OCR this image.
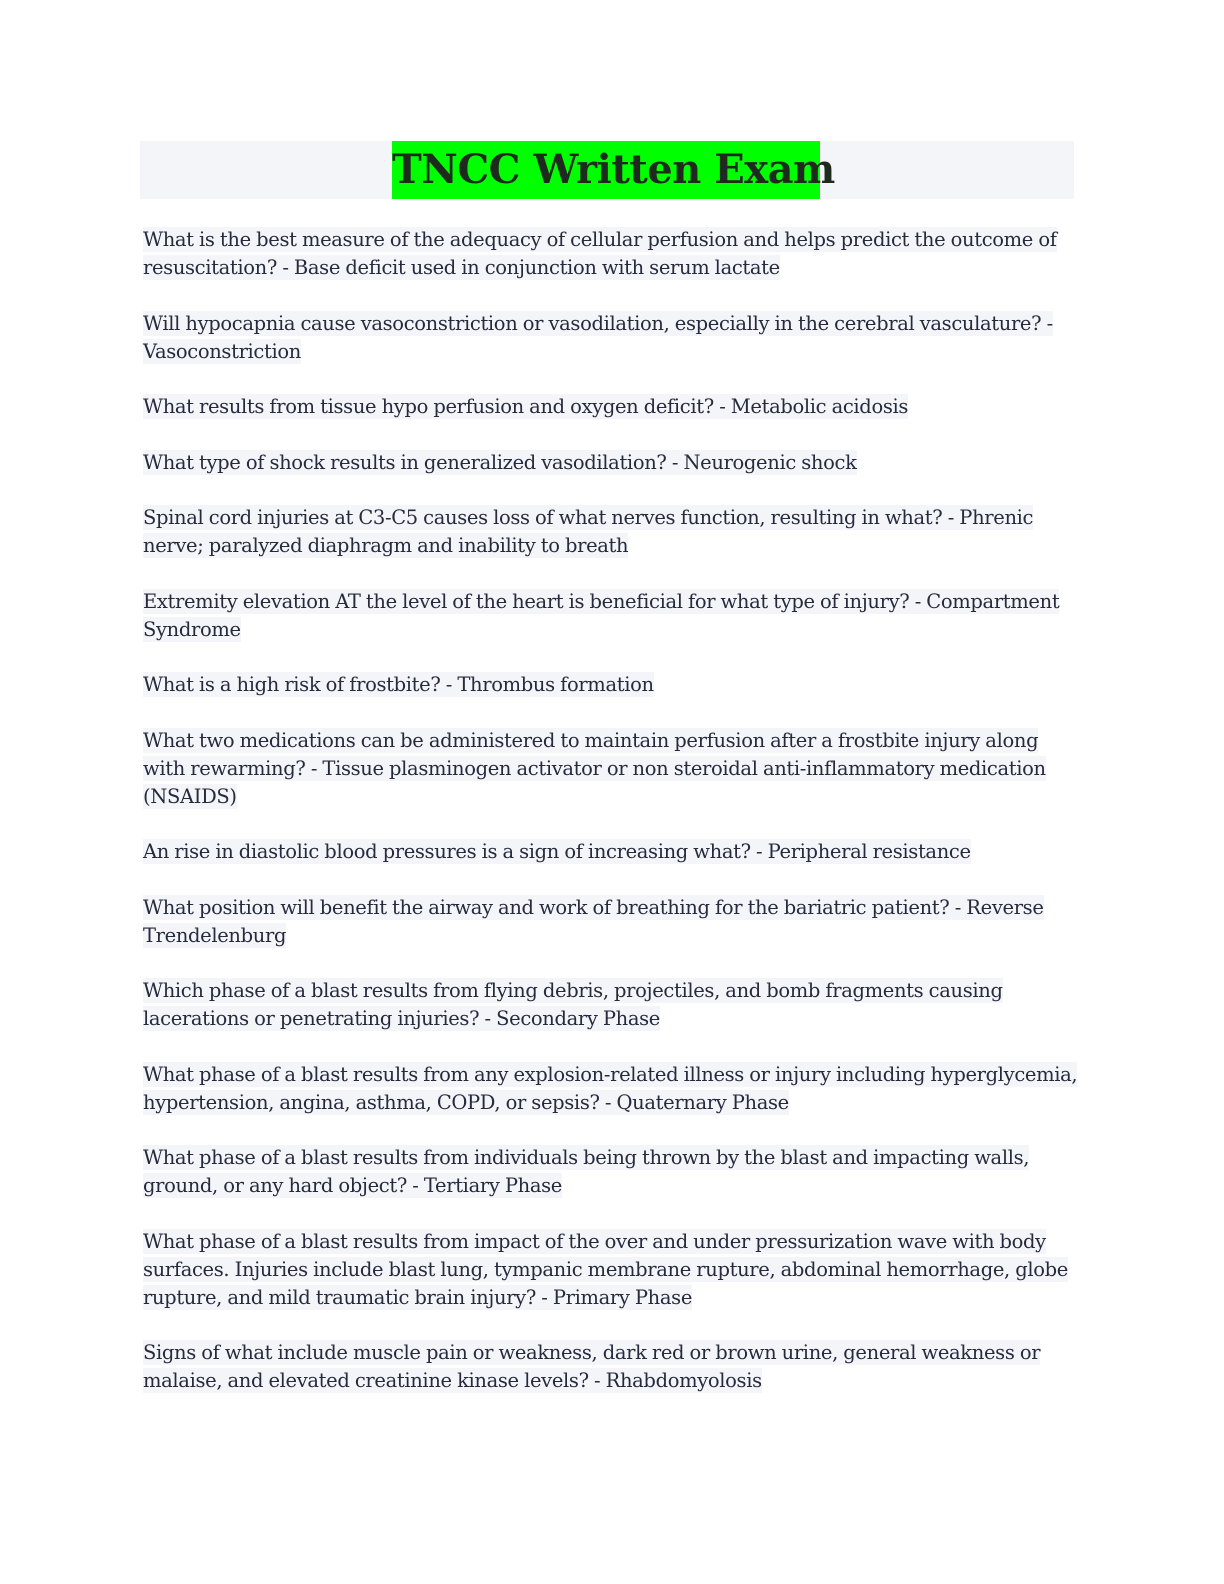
TNCC Written Exam
What is the best measure of the adequacy of cellular perfusion and helps predict the outcome of resuscitation? - Base deficit used in conjunction with serum lactate
Will hypocapnia cause vasoconstriction or vasodilation, especially in the cerebral vasculature? - Vasoconstriction
What results from tissue hypo perfusion and oxygen deficit? - Metabolic acidosis
What type of shock results in generalized vasodilation? - Neurogenic shock
Spinal cord injuries at C3-C5 causes loss of what nerves function, resulting in what? - Phrenic nerve; paralyzed diaphragm and inability to breath
Extremity elevation AT the level of the heart is beneficial for what type of injury? - Compartment Syndrome
What is a high risk of frostbite? - Thrombus formation
What two medications can be administered to maintain perfusion after a frostbite injury along with rewarming? - Tissue plasminogen activator or non steroidal anti-inflammatory medication (NSAIDS)
An rise in diastolic blood pressures is a sign of increasing what? - Peripheral resistance
What position will benefit the airway and work of breathing for the bariatric patient? - Reverse Trendelenburg
Which phase of a blast results from flying debris, projectiles, and bomb fragments causing lacerations or penetrating injuries? - Secondary Phase
What phase of a blast results from any explosion-related illness or injury including hyperglycemia, hypertension, angina, asthma, COPD, or sepsis? - Quaternary Phase
What phase of a blast results from individuals being thrown by the blast and impacting walls, ground, or any hard object? - Tertiary Phase
What phase of a blast results from impact of the over and under pressurization wave with body surfaces. Injuries include blast lung, tympanic membrane rupture, abdominal hemorrhage, globe rupture, and mild traumatic brain injury? - Primary Phase
Signs of what include muscle pain or weakness, dark red or brown urine, general weakness or malaise, and elevated creatinine kinase levels? - Rhabdomyolosis
